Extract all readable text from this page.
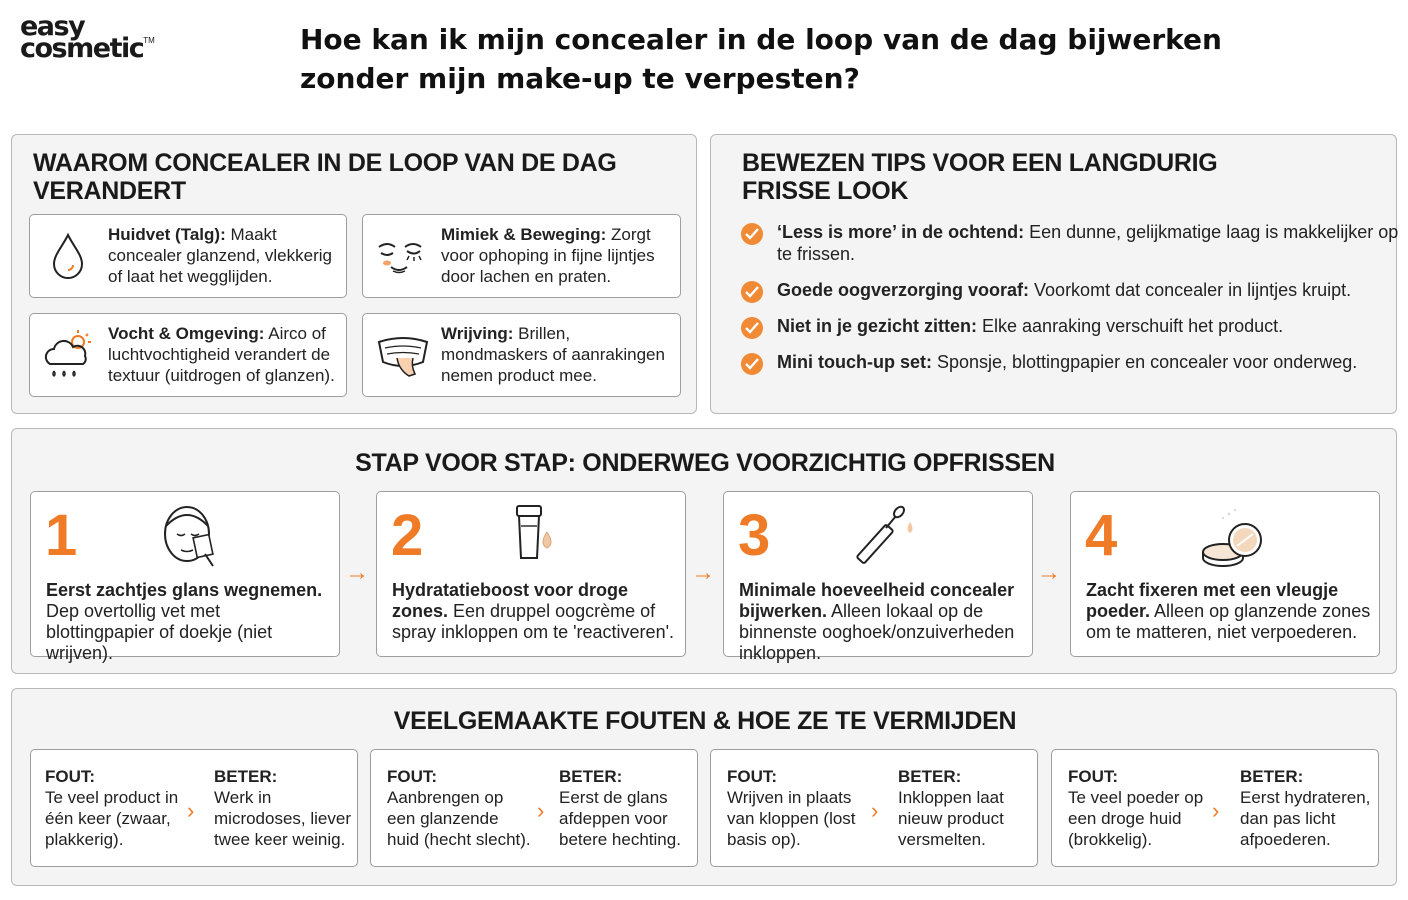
easy
cosmetic™	Hoe kan ik mijn concealer in de loop van de dag bijwerken zonder mijn make-up te verpesten?
WAAROM CONCEALER IN DE LOOP VAN DE DAG VERANDERT
Huidvet (Talg): Maakt concealer glanzend, vlekkerig of laat het wegglijden.
Mimiek & Beweging: Zorgt voor ophoping in fijne lijntjes door lachen en praten.
Vocht & Omgeving: Airco of luchtvochtigheid verandert de textuur (uitdrogen of glanzen).
Wrijving: Brillen, mondmaskers of aanrakingen nemen product mee.
BEWEZEN TIPS VOOR EEN LANGDURIG FRISSE LOOK
‘Less is more’ in de ochtend: Een dunne, gelijkmatige laag is makkelijker op te frissen.
Goede oogverzorging vooraf: Voorkomt dat concealer in lijntjes kruipt.
Niet in je gezicht zitten: Elke aanraking verschuift het product.
Mini touch-up set: Sponsje, blottingpapier en concealer voor onderweg.
STAP VOOR STAP: ONDERWEG VOORZICHTIG OPFRISSEN
1
Eerst zachtjes glans wegnemen. Dep overtollig vet met blottingpapier of doekje (niet wrijven).
→
2
Hydratatieboost voor droge zones. Een druppel oogcrème of spray inkloppen om te 'reactiveren'.
→
3
Minimale hoeveelheid concealer bijwerken. Alleen lokaal op de binnenste ooghoek/onzuiverheden inkloppen.
→
4
Zacht fixeren met een vleugje poeder. Alleen op glanzende zones om te matteren, niet verpoederen.
VEELGEMAAKTE FOUTEN & HOE ZE TE VERMIJDEN
FOUT:
Te veel product in één keer (zwaar, plakkerig).
›
BETER:
Werk in microdoses, liever twee keer weinig.
FOUT:
Aanbrengen op een glanzende huid (hecht slecht).
›
BETER:
Eerst de glans afdeppen voor betere hechting.
FOUT:
Wrijven in plaats van kloppen (lost basis op).
›
BETER:
Inkloppen laat nieuw product versmelten.
FOUT:
Te veel poeder op een droge huid (brokkelig).
›
BETER:
Eerst hydrateren, dan pas licht afpoederen.
